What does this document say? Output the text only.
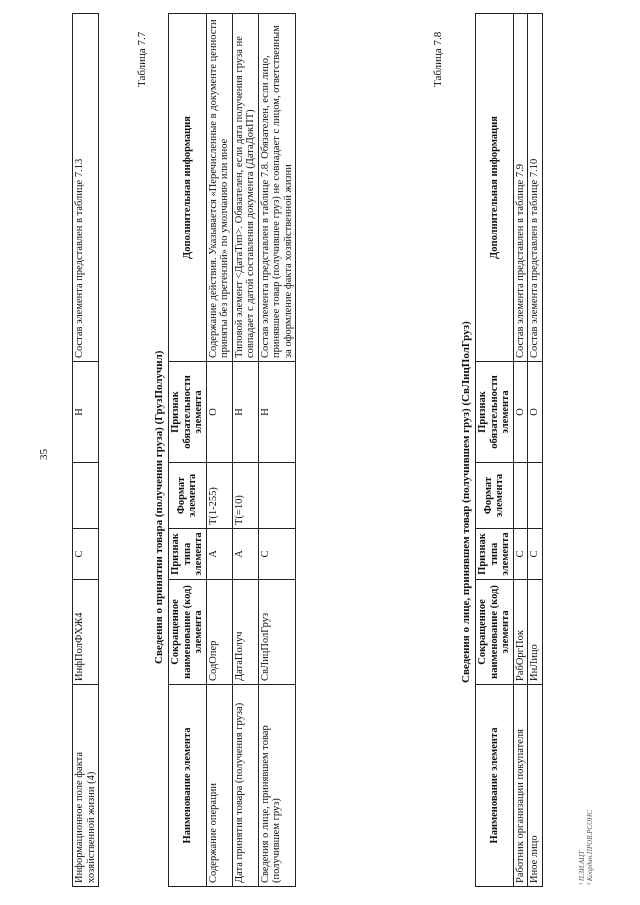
35
Информационное поле факта хозяйственной жизни (4)	ИнфПолФХЖ4	С		Н	Состав элемента представлен в таблице 7.13
Таблица 7.7
Сведения о принятии товара (получении груза) (ГрузПолучил)
Наименование элемента	Сокращенное наименование (код) элемента	Признак типа элемента	Формат элемента	Признак обязательности элемента	Дополнительная информация
Содержание операции	СодОпер	А	T(1-255)	О	Содержание действия. Указывается «Перечисленные в документе ценности приняты без претензий» по умолчанию или иное
Дата принятия товара (получения груза)	ДатаПолуч	А	T(=10)	Н	Типовой элемент <ДатаТип>. Обязателен, если дата получения груза не совпадает с датой составления документа (ДатаДокПТ)
Сведения о лице, принявшем товар (получившем груз)	СвЛицПолГруз	С		Н	Состав элемента представлен в таблице 7.8. Обязателен, если лицо, принявшее товар (получившее груз) не совпадает с лицом, ответственным за оформление факта хозяйственной жизни
Таблица 7.8
Сведения о лице, принявшем товар (получившем груз) (СвЛицПолГруз)
Наименование элемента	Сокращенное наименование (код) элемента	Признак типа элемента	Формат элемента	Признак обязательности элемента	Дополнительная информация
Работник организации покупателя	РабОргПок	С		О	Состав элемента представлен в таблице 7.9
Иное лицо	ИнЛицо	С		О	Состав элемента представлен в таблице 7.10
¹ П.ЗИ.АЦТ ² Координ.ПРОВ.РСОНС
